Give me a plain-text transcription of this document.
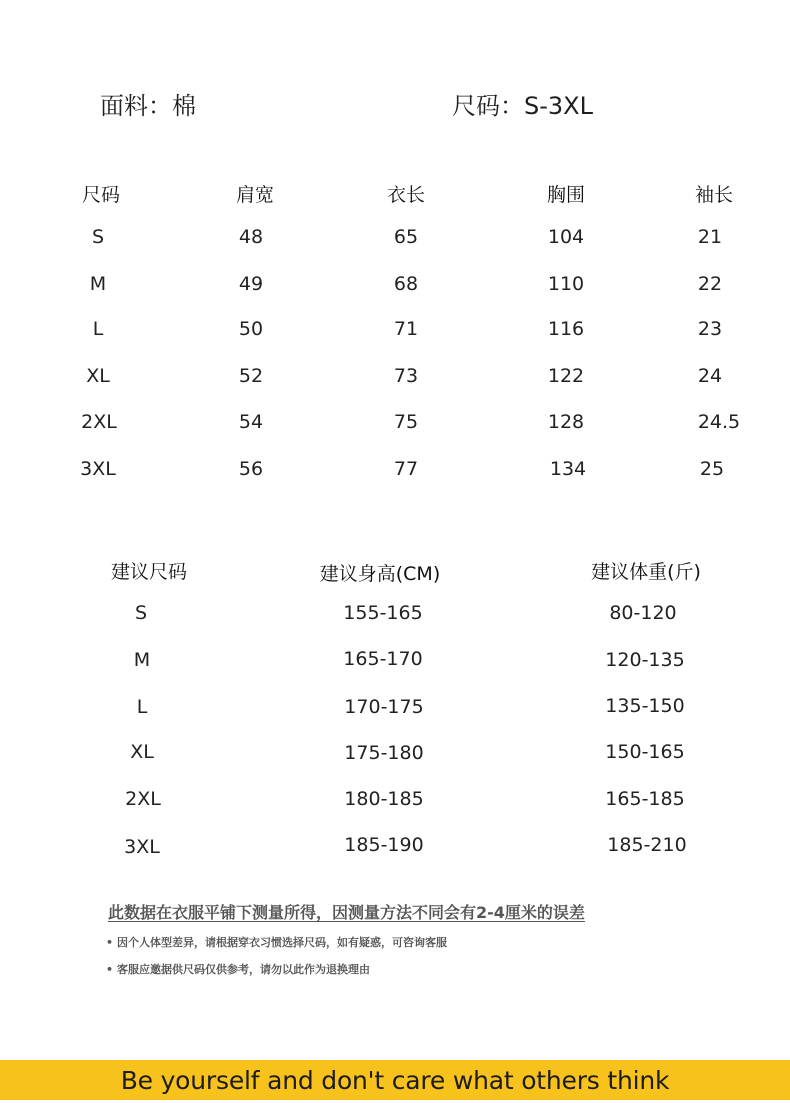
面料：棉	尺码：S-3XL
尺码	肩宽	衣长	胸围	袖长
S	48	65	104	21
M	49	68	110	22
L	50	71	116	23
XL	52	73	122	24
2XL	54	75	128	24.5
3XL	56	77	134	25
建议尺码	建议身高(CM)	建议体重(斤)
S	155-165	80-120
M	165-170	120-135
L	170-175	135-150
XL	175-180	150-165
2XL	180-185	165-185
3XL	185-190	185-210
此数据在衣服平铺下测量所得，因测量方法不同会有2-4厘米的误差
• 因个人体型差异，请根据穿衣习惯选择尺码，如有疑惑，可咨询客服
• 客服应邀据供尺码仅供参考，请勿以此作为退换理由
Be yourself and don't care what others think
